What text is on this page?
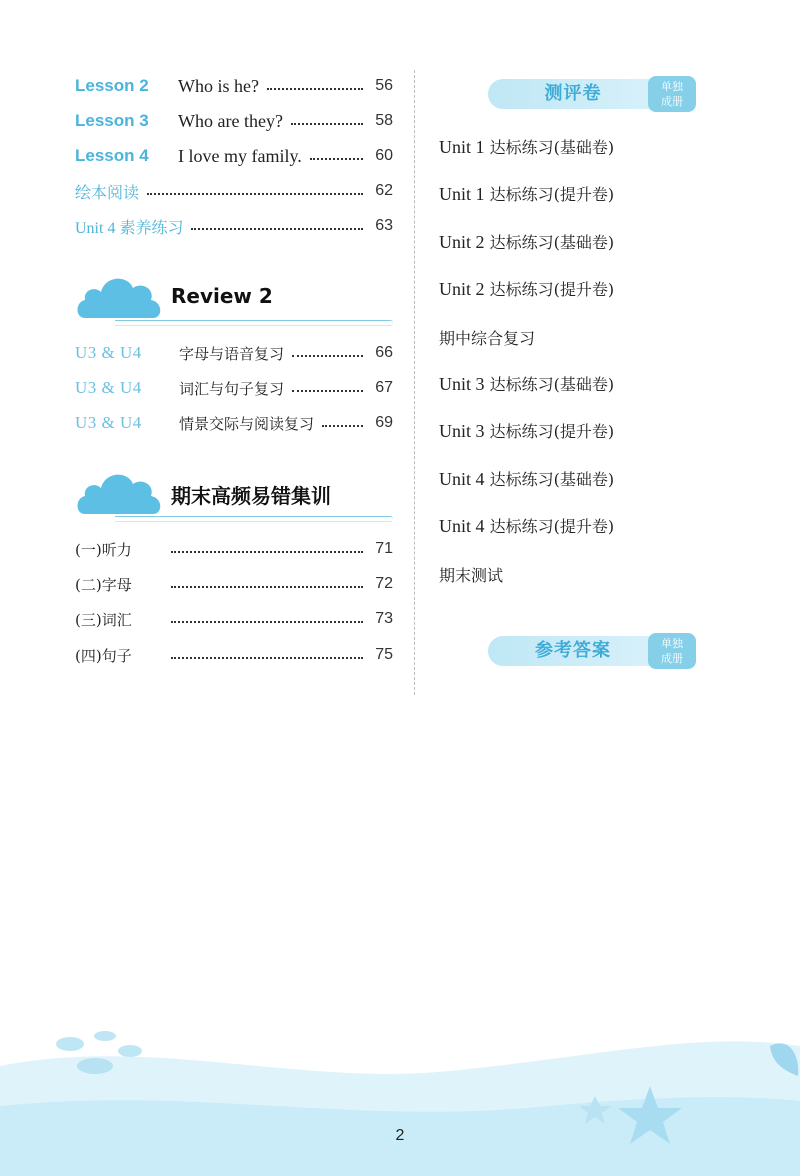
Lesson 2	Who is he?	56
Lesson 3	Who are they?	58
Lesson 4	I love my family.	60
绘本阅读	62
Unit 4 素养练习	63
Review 2
U3 & U4	字母与语音复习	66
U3 & U4	词汇与句子复习	67
U3 & U4	情景交际与阅读复习	69
期末高频易错集训
(一)听力	71
(二)字母	72
(三)词汇	73
(四)句子	75
测评卷	单独
成册
Unit 1 达标练习(基础卷)
Unit 1 达标练习(提升卷)
Unit 2 达标练习(基础卷)
Unit 2 达标练习(提升卷)
期中综合复习
Unit 3 达标练习(基础卷)
Unit 3 达标练习(提升卷)
Unit 4 达标练习(基础卷)
Unit 4 达标练习(提升卷)
期末测试
参考答案	单独
成册
2
